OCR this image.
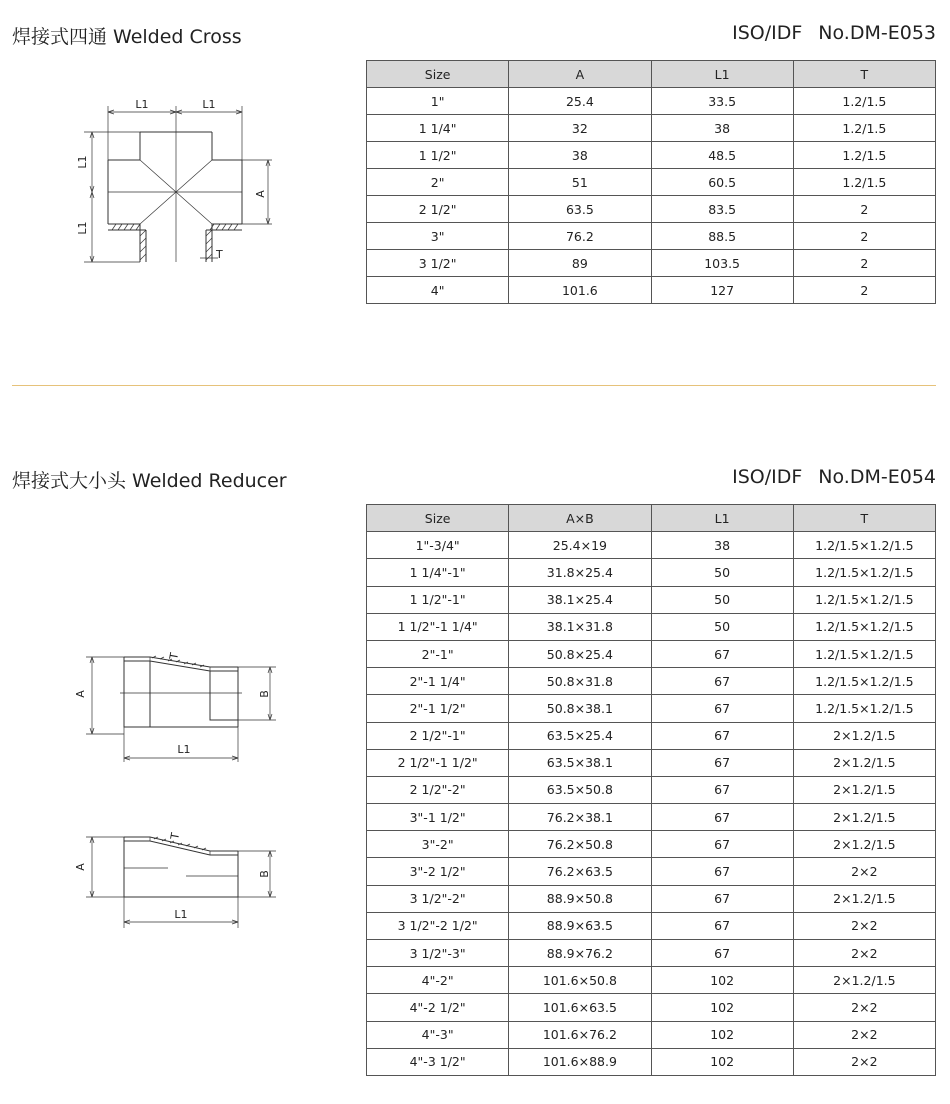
焊接式四通 Welded Cross	ISO/IDF No.DM-E053
L1	L1
L1
L1
A
T
Size	A	L1	T
1"	25.4	33.5	1.2/1.5
1 1/4"	32	38	1.2/1.5
1 1/2"	38	48.5	1.2/1.5
2"	51	60.5	1.2/1.5
2 1/2"	63.5	83.5	2
3"	76.2	88.5	2
3 1/2"	89	103.5	2
4"	101.6	127	2
焊接式大小头 Welded Reducer	ISO/IDF No.DM-E054
A	B
L1
T
A
B
L1
T
Size	A×B	L1	T
1"-3/4"	25.4×19	38	1.2/1.5×1.2/1.5
1 1/4"-1"	31.8×25.4	50	1.2/1.5×1.2/1.5
1 1/2"-1"	38.1×25.4	50	1.2/1.5×1.2/1.5
1 1/2"-1 1/4"	38.1×31.8	50	1.2/1.5×1.2/1.5
2"-1"	50.8×25.4	67	1.2/1.5×1.2/1.5
2"-1 1/4"	50.8×31.8	67	1.2/1.5×1.2/1.5
2"-1 1/2"	50.8×38.1	67	1.2/1.5×1.2/1.5
2 1/2"-1"	63.5×25.4	67	2×1.2/1.5
2 1/2"-1 1/2"	63.5×38.1	67	2×1.2/1.5
2 1/2"-2"	63.5×50.8	67	2×1.2/1.5
3"-1 1/2"	76.2×38.1	67	2×1.2/1.5
3"-2"	76.2×50.8	67	2×1.2/1.5
3"-2 1/2"	76.2×63.5	67	2×2
3 1/2"-2"	88.9×50.8	67	2×1.2/1.5
3 1/2"-2 1/2"	88.9×63.5	67	2×2
3 1/2"-3"	88.9×76.2	67	2×2
4"-2"	101.6×50.8	102	2×1.2/1.5
4"-2 1/2"	101.6×63.5	102	2×2
4"-3"	101.6×76.2	102	2×2
4"-3 1/2"	101.6×88.9	102	2×2
